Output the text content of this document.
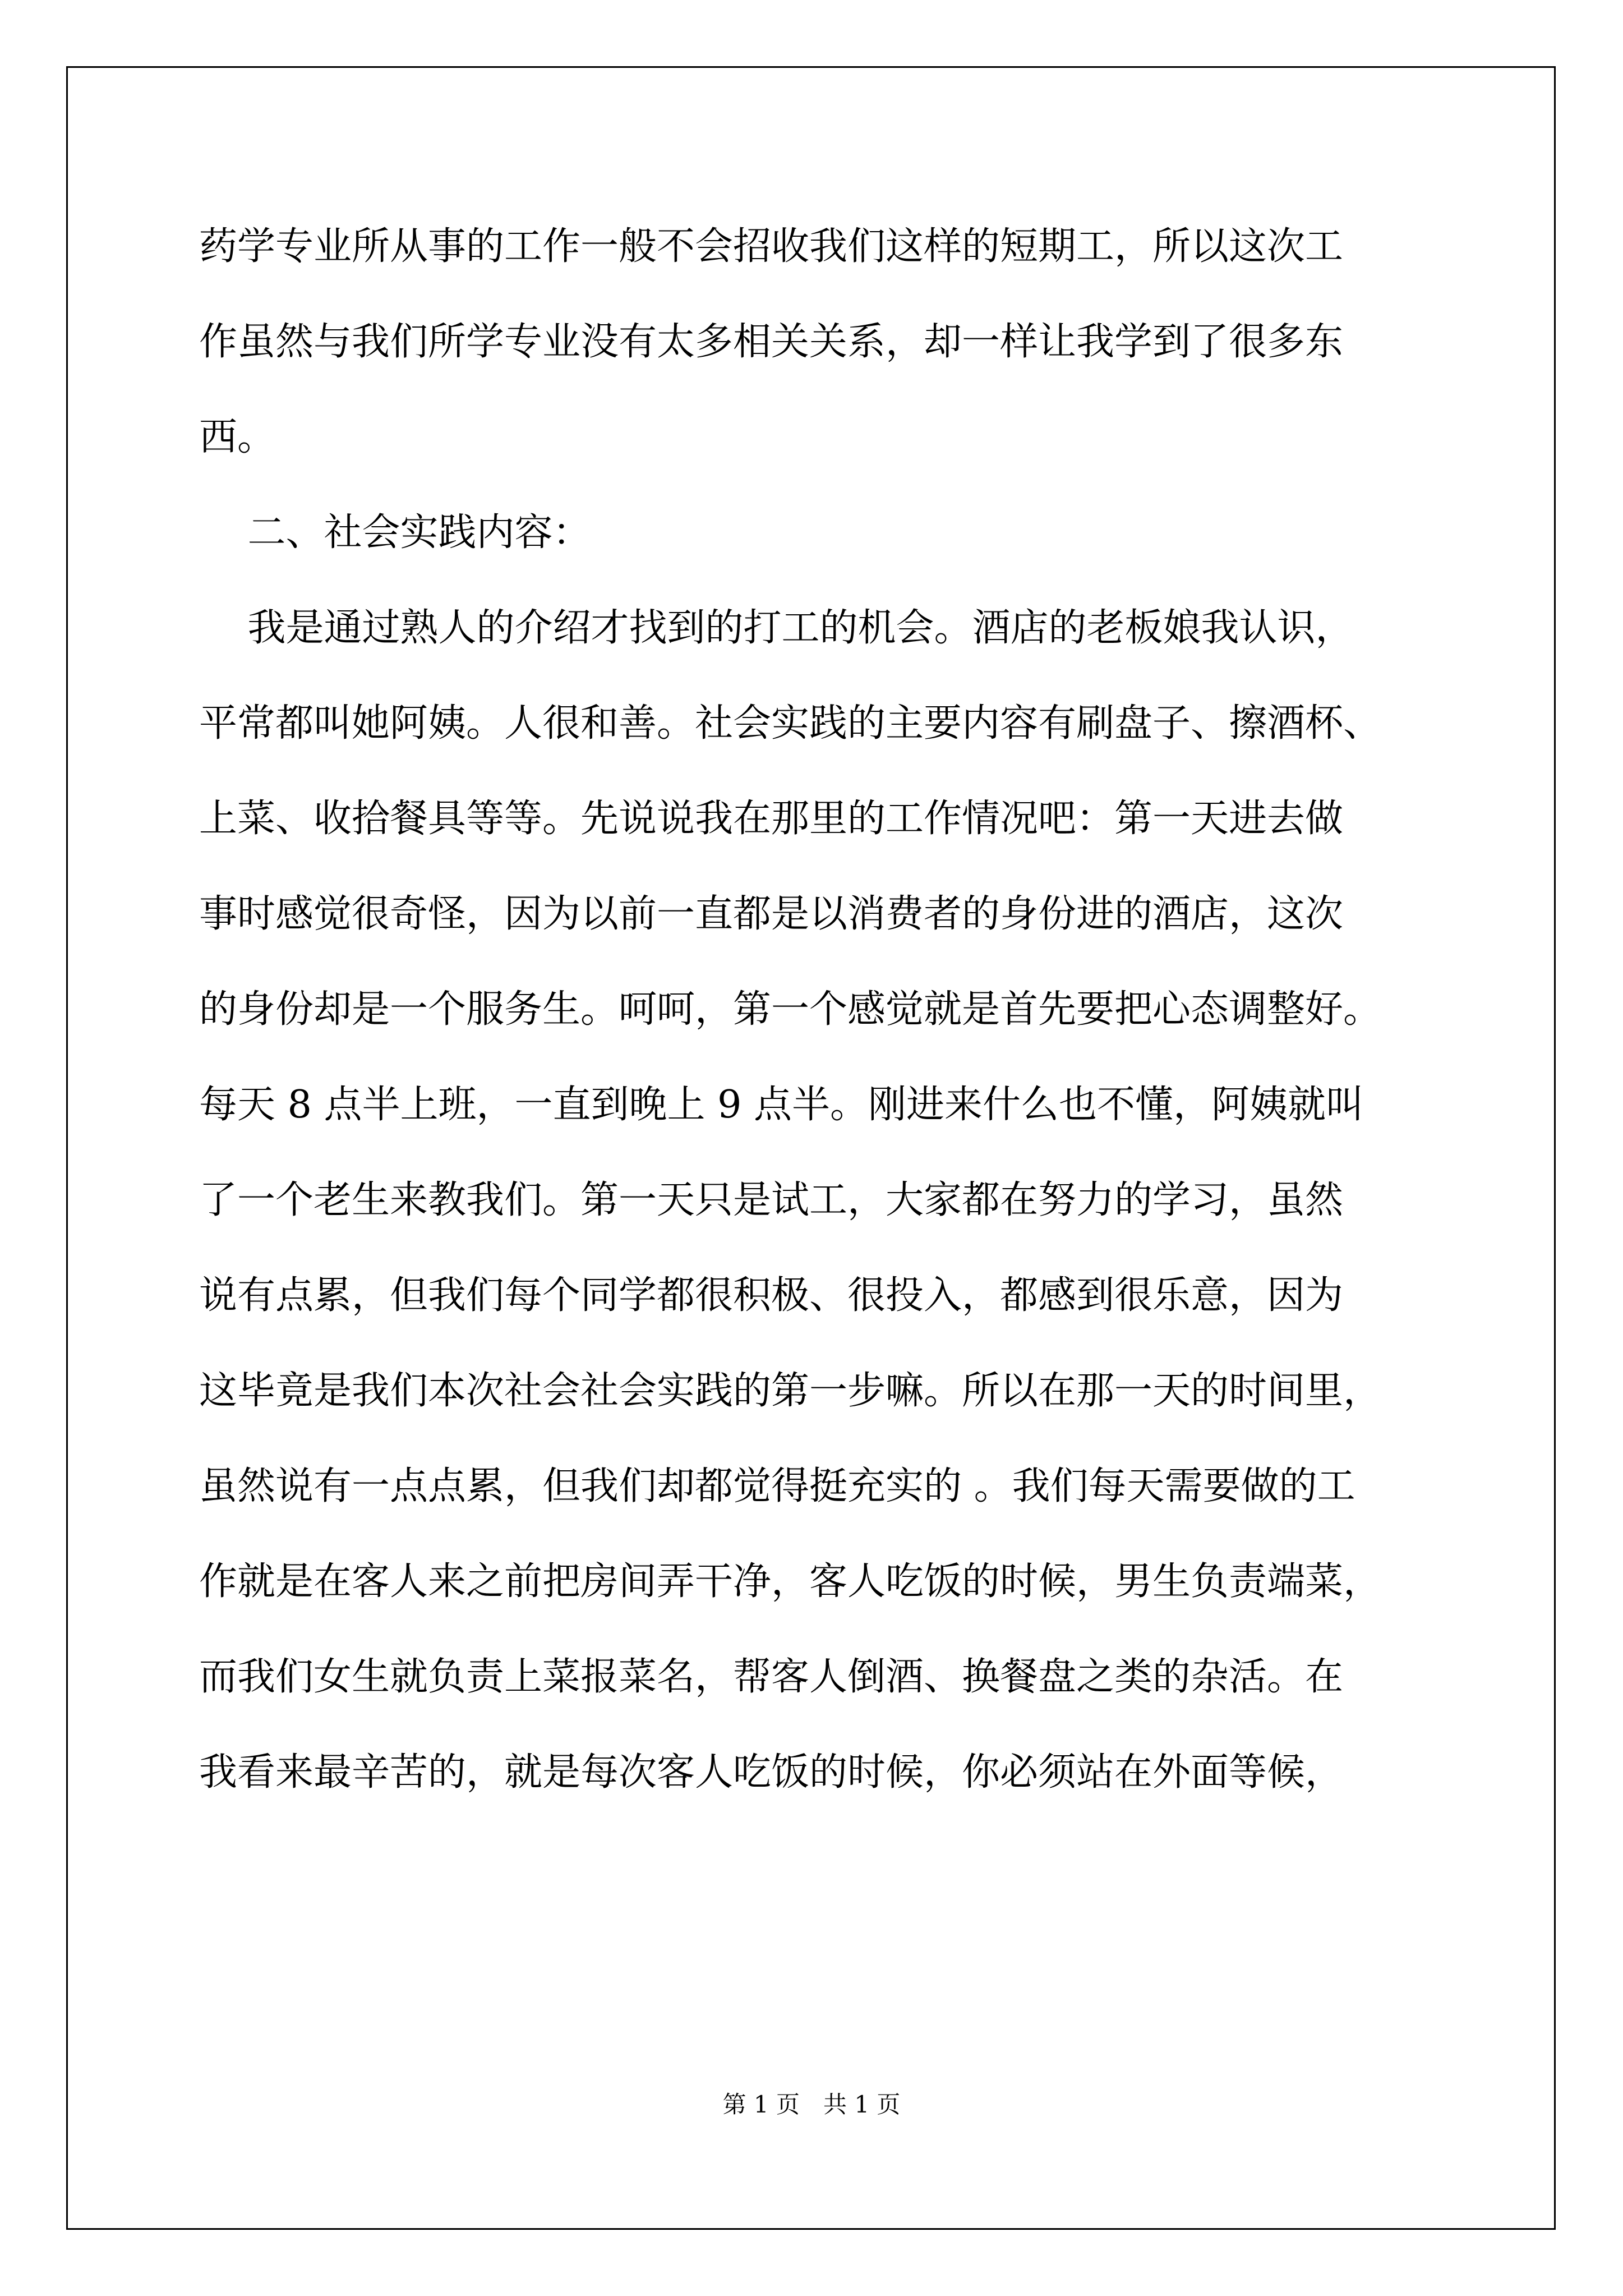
药学专业所从事的工作一般不会招收我们这样的短期工，所以这次工
作虽然与我们所学专业没有太多相关关系，却一样让我学到了很多东
西。
二、社会实践内容：
我是通过熟人的介绍才找到的打工的机会。酒店的老板娘我认识，
平常都叫她阿姨。人很和善。社会实践的主要内容有刷盘子、擦酒杯、
上菜、收拾餐具等等。先说说我在那里的工作情况吧：第一天进去做
事时感觉很奇怪，因为以前一直都是以消费者的身份进的酒店，这次
的身份却是一个服务生。呵呵，第一个感觉就是首先要把心态调整好。
每天 8 点半上班，一直到晚上 9 点半。刚进来什么也不懂，阿姨就叫
了一个老生来教我们。第一天只是试工，大家都在努力的学习，虽然
说有点累，但我们每个同学都很积极、很投入，都感到很乐意，因为
这毕竟是我们本次社会社会实践的第一步嘛。所以在那一天的时间里，
虽然说有一点点累，但我们却都觉得挺充实的 。我们每天需要做的工
作就是在客人来之前把房间弄干净，客人吃饭的时候，男生负责端菜，
而我们女生就负责上菜报菜名，帮客人倒酒、换餐盘之类的杂活。在
我看来最辛苦的，就是每次客人吃饭的时候，你必须站在外面等候，
第 1 页　共 1 页
